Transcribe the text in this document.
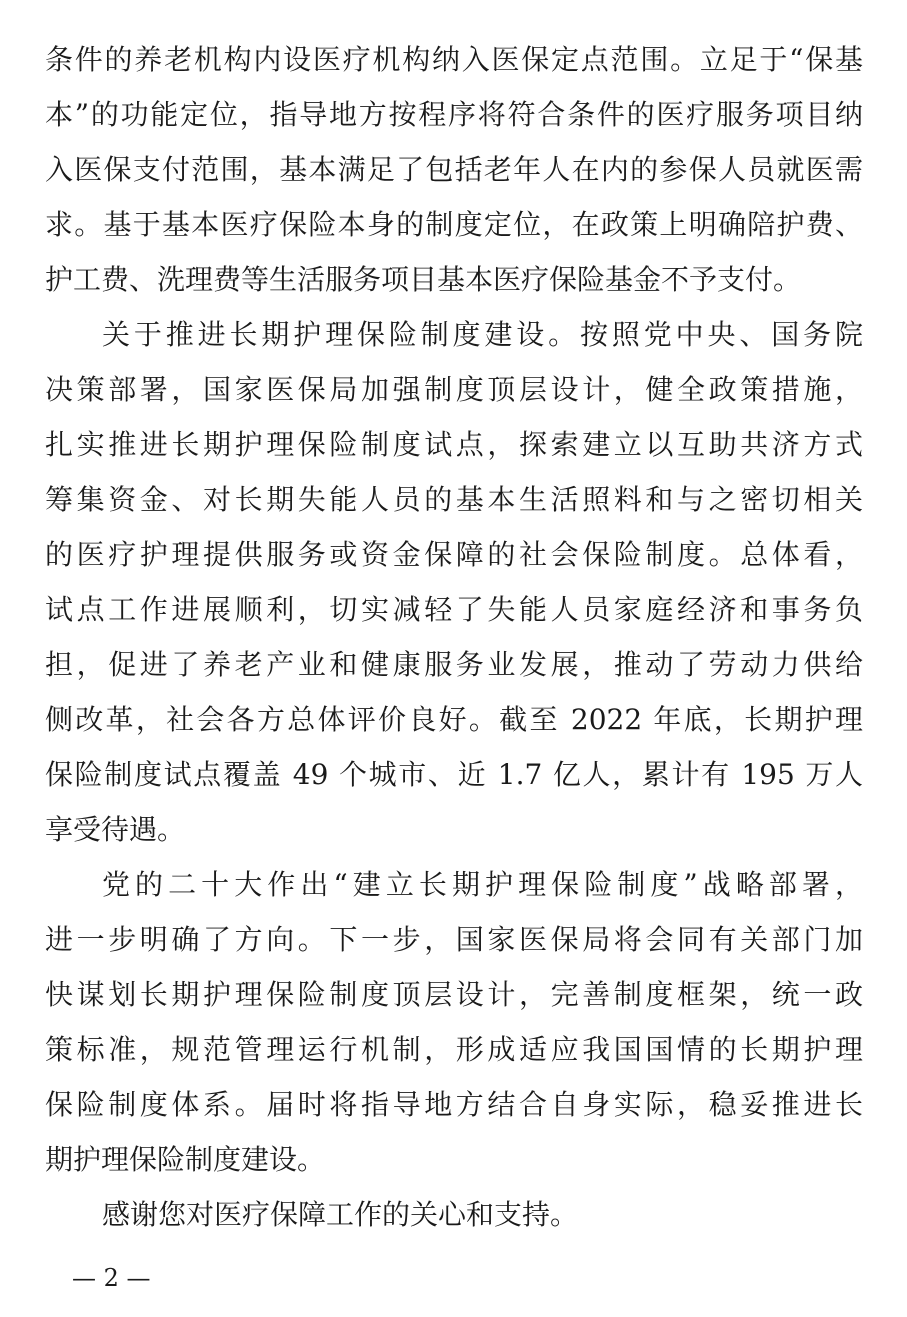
条件的养老机构内设医疗机构纳入医保定点范围。立足于“保基
本”的功能定位，指导地方按程序将符合条件的医疗服务项目纳
入医保支付范围，基本满足了包括老年人在内的参保人员就医需
求。基于基本医疗保险本身的制度定位，在政策上明确陪护费、
护工费、洗理费等生活服务项目基本医疗保险基金不予支付。
关于推进长期护理保险制度建设。按照党中央、国务院
决策部署，国家医保局加强制度顶层设计，健全政策措施，
扎实推进长期护理保险制度试点，探索建立以互助共济方式
筹集资金、对长期失能人员的基本生活照料和与之密切相关
的医疗护理提供服务或资金保障的社会保险制度。总体看，
试点工作进展顺利，切实减轻了失能人员家庭经济和事务负
担，促进了养老产业和健康服务业发展，推动了劳动力供给
侧改革，社会各方总体评价良好。截至 2022 年底，长期护理
保险制度试点覆盖 49 个城市、近 1.7 亿人，累计有 195 万人
享受待遇。
党的二十大作出“建立长期护理保险制度”战略部署，
进一步明确了方向。下一步，国家医保局将会同有关部门加
快谋划长期护理保险制度顶层设计，完善制度框架，统一政
策标准，规范管理运行机制，形成适应我国国情的长期护理
保险制度体系。届时将指导地方结合自身实际，稳妥推进长
期护理保险制度建设。
感谢您对医疗保障工作的关心和支持。
— 2 —
